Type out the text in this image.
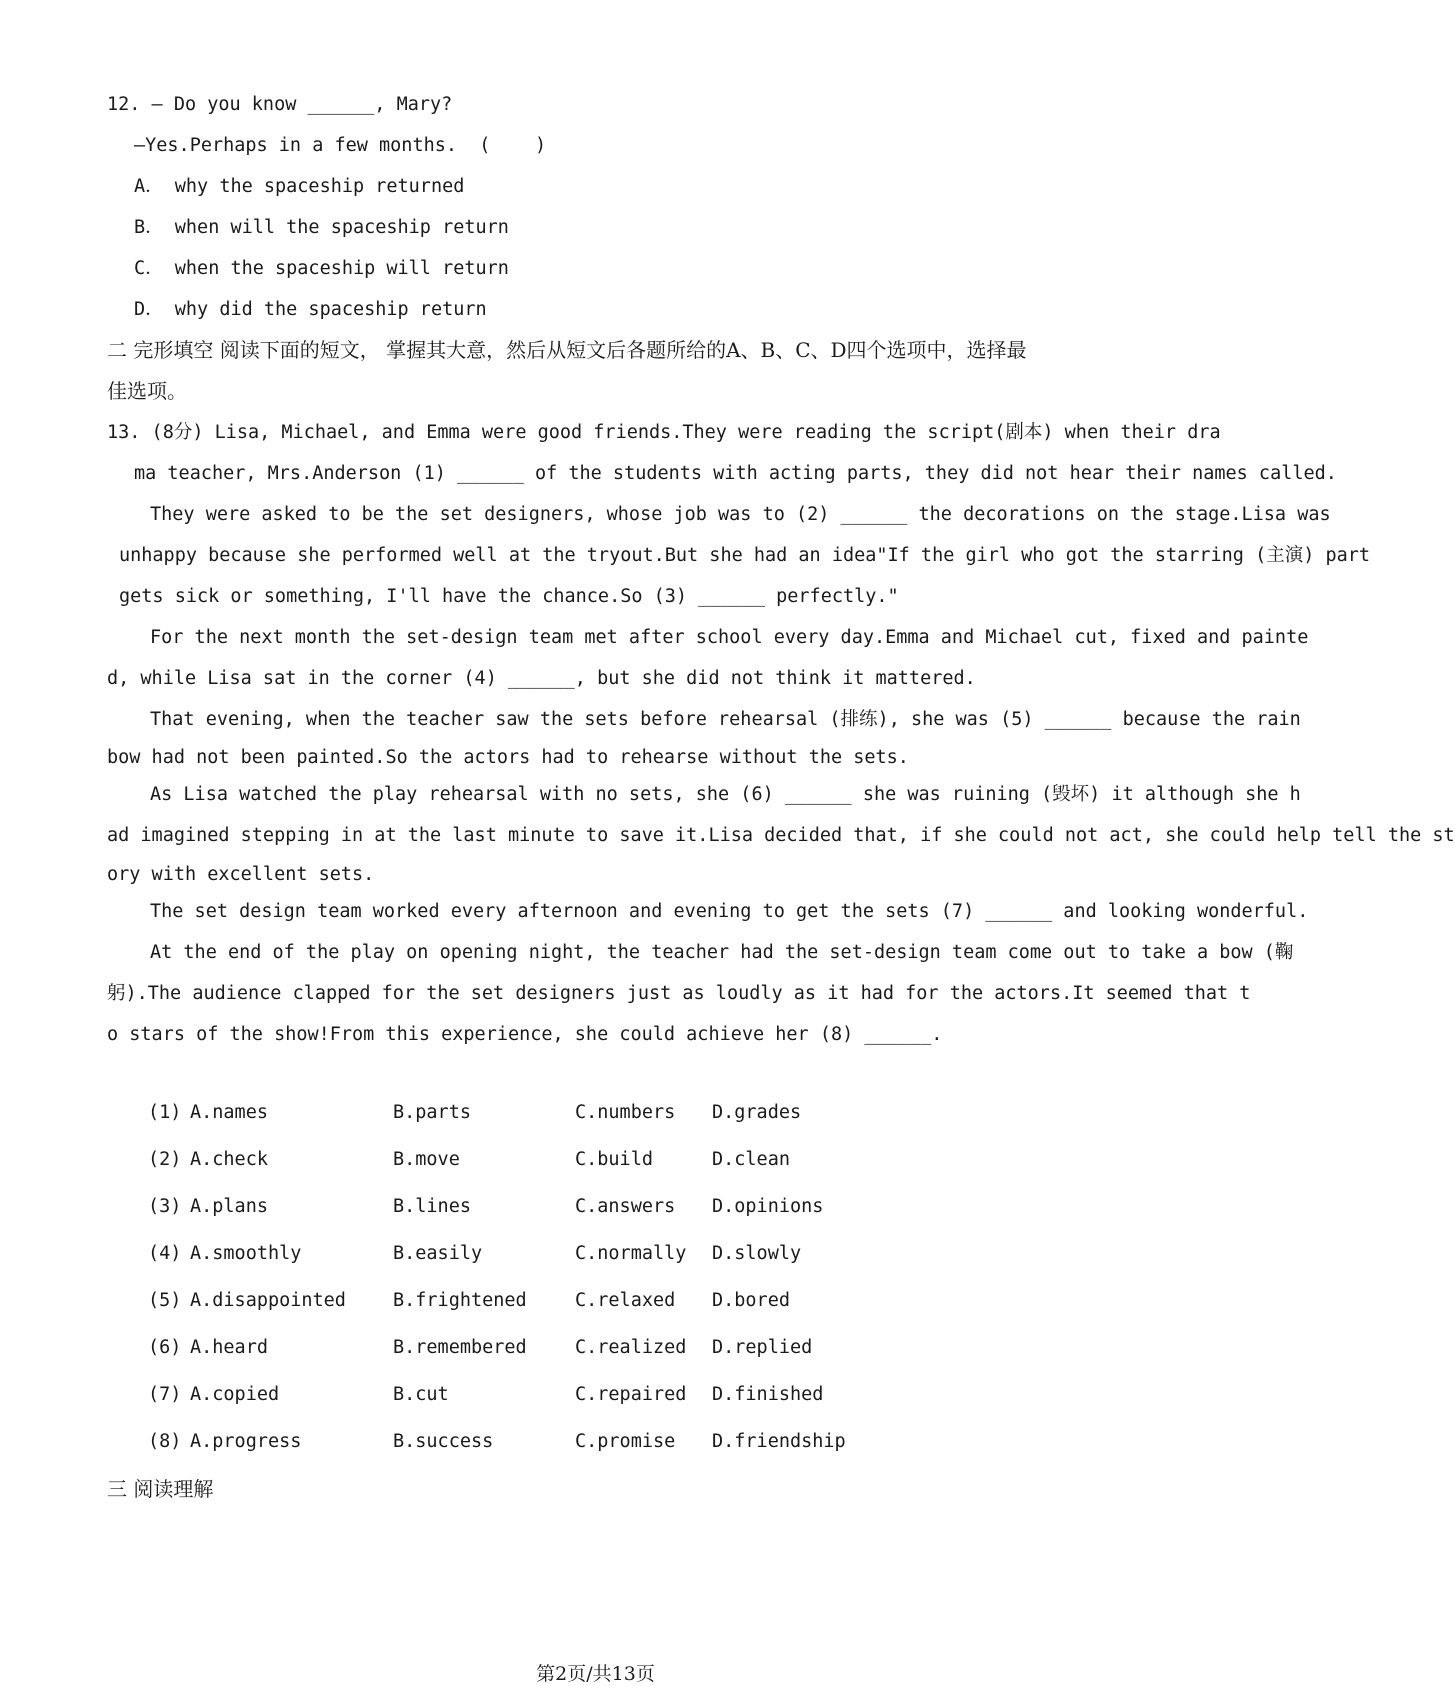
12. — Do you know ______, Mary?
—Yes.Perhaps in a few months.  (    )
A． why the spaceship returned
B． when will the spaceship return
C． when the spaceship will return
D． why did the spaceship return
二 完形填空 阅读下面的短文， 掌握其大意，然后从短文后各题所给的A、B、C、D四个选项中，选择最
佳选项。
13. (8分) Lisa, Michael, and Emma were good friends.They were reading the script(剧本) when their dra
ma teacher, Mrs.Anderson (1) ______ of the students with acting parts, they did not hear their names called.
They were asked to be the set designers, whose job was to (2) ______ the decorations on the stage.Lisa was
unhappy because she performed well at the tryout.But she had an idea"If the girl who got the starring (主演) part
gets sick or something, I'll have the chance.So (3) ______ perfectly."
For the next month the set-design team met after school every day.Emma and Michael cut, fixed and painte
d, while Lisa sat in the corner (4) ______, but she did not think it mattered.
That evening, when the teacher saw the sets before rehearsal (排练), she was (5) ______ because the rain
bow had not been painted.So the actors had to rehearse without the sets.
As Lisa watched the play rehearsal with no sets, she (6) ______ she was ruining (毁坏) it although she h
ad imagined stepping in at the last minute to save it.Lisa decided that, if she could not act, she could help tell the st
ory with excellent sets.
The set design team worked every afternoon and evening to get the sets (7) ______ and looking wonderful.
At the end of the play on opening night, the teacher had the set-design team come out to take a bow (鞠
躬).The audience clapped for the set designers just as loudly as it had for the actors.It seemed that t
o stars of the show!From this experience, she could achieve her (8) ______.
(1) A.names	B.parts	C.numbers D.grades
(2) A.check	B.move	C.build	D.clean
(3) A.plans	B.lines	C.answers D.opinions
(4) A.smoothly	B.easily	C.normally D.slowly
(5) A.disappointed	B.frightened	C.relaxed D.bored
(6) A.heard	B.remembered	C.realized D.replied
(7) A.copied	B.cut	C.repaired D.finished
(8) A.progress	B.success	C.promise D.friendship
三 阅读理解
第2页/共13页
